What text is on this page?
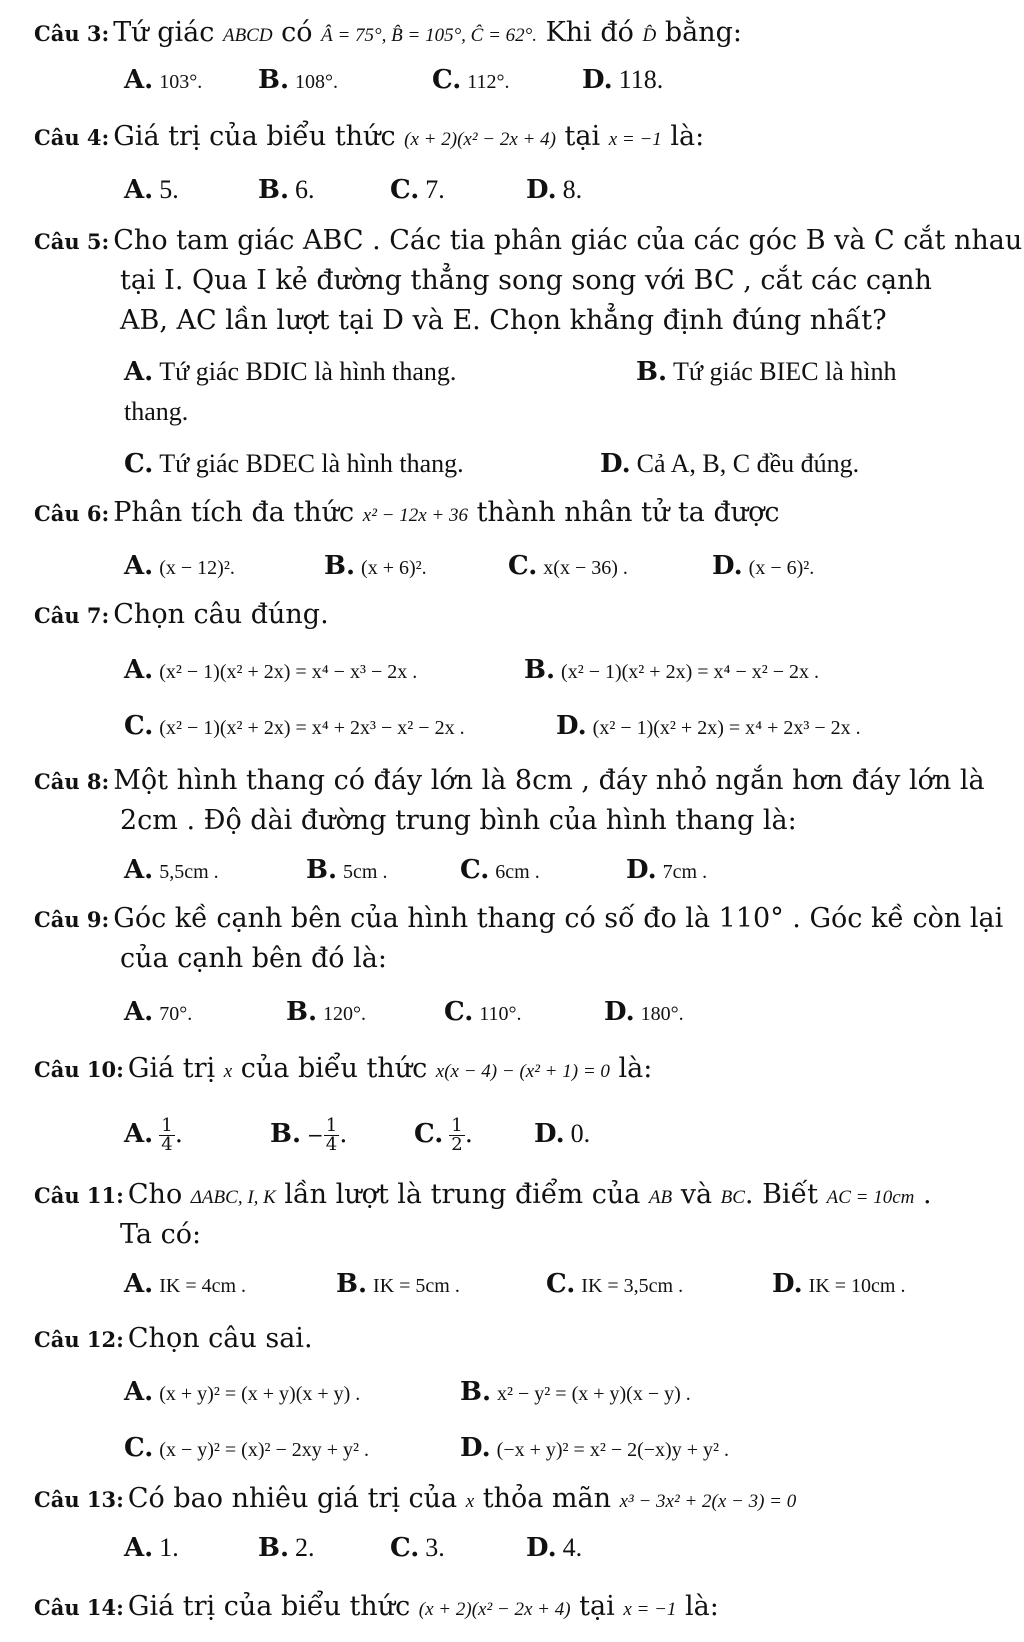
Câu 3: Tứ giác ABCD có Â = 75°, B̂ = 105°, Ĉ = 62°. Khi đó D̂ bằng:
A. 103°. B. 108°.	C. 112°.	D. 118.
Câu 4: Giá trị của biểu thức (x + 2)(x² − 2x + 4) tại x = −1 là:
A. 5.	B. 6.	C. 7.	D. 8.
Câu 5: Cho tam giác ABC . Các tia phân giác của các góc B và C cắt nhau
tại I. Qua I kẻ đường thẳng song song với BC , cắt các cạnh
AB, AC lần lượt tại D và E. Chọn khẳng định đúng nhất?
A. Tứ giác BDIC là hình thang.	B. Tứ giác BIEC là hình
thang.
C. Tứ giác BDEC là hình thang.	D. Cả A, B, C đều đúng.
Câu 6: Phân tích đa thức x² − 12x + 36 thành nhân tử ta được
A. (x − 12)².	B. (x + 6)².	C. x(x − 36) .	D. (x − 6)².
Câu 7: Chọn câu đúng.
A. (x² − 1)(x² + 2x) = x⁴ − x³ − 2x .	B. (x² − 1)(x² + 2x) = x⁴ − x² − 2x .
C. (x² − 1)(x² + 2x) = x⁴ + 2x³ − x² − 2x .	D. (x² − 1)(x² + 2x) = x⁴ + 2x³ − 2x .
Câu 8: Một hình thang có đáy lớn là 8cm , đáy nhỏ ngắn hơn đáy lớn là
2cm . Độ dài đường trung bình của hình thang là:
A. 5,5cm .	B. 5cm .	C. 6cm .	D. 7cm .
Câu 9: Góc kề cạnh bên của hình thang có số đo là 110° . Góc kề còn lại
của cạnh bên đó là:
A. 70°.	B. 120°.	C. 110°.	D. 180°.
Câu 10: Giá trị x của biểu thức x(x − 4) − (x² + 1) = 0 là:
A. $\frac{1}{4}$ .	B. − $\frac{1}{4}$ .	C. $\frac{1}{2}$ . D. 0.
Câu 11: Cho ΔABC, I, K lần lượt là trung điểm của AB và BC. Biết AC = 10cm .
Ta có:
A. IK = 4cm .	B. IK = 5cm .	C. IK = 3,5cm .	D. IK = 10cm .
Câu 12: Chọn câu sai.
A. (x + y)² = (x + y)(x + y) .	B. x² − y² = (x + y)(x − y) .
C. (x − y)² = (x)² − 2xy + y² .	D. (−x + y)² = x² − 2(−x)y + y² .
Câu 13: Có bao nhiêu giá trị của x thỏa mãn x³ − 3x² + 2(x − 3) = 0
A. 1.	B. 2.	C. 3.	D. 4.
Câu 14: Giá trị của biểu thức (x + 2)(x² − 2x + 4) tại x = −1 là:
